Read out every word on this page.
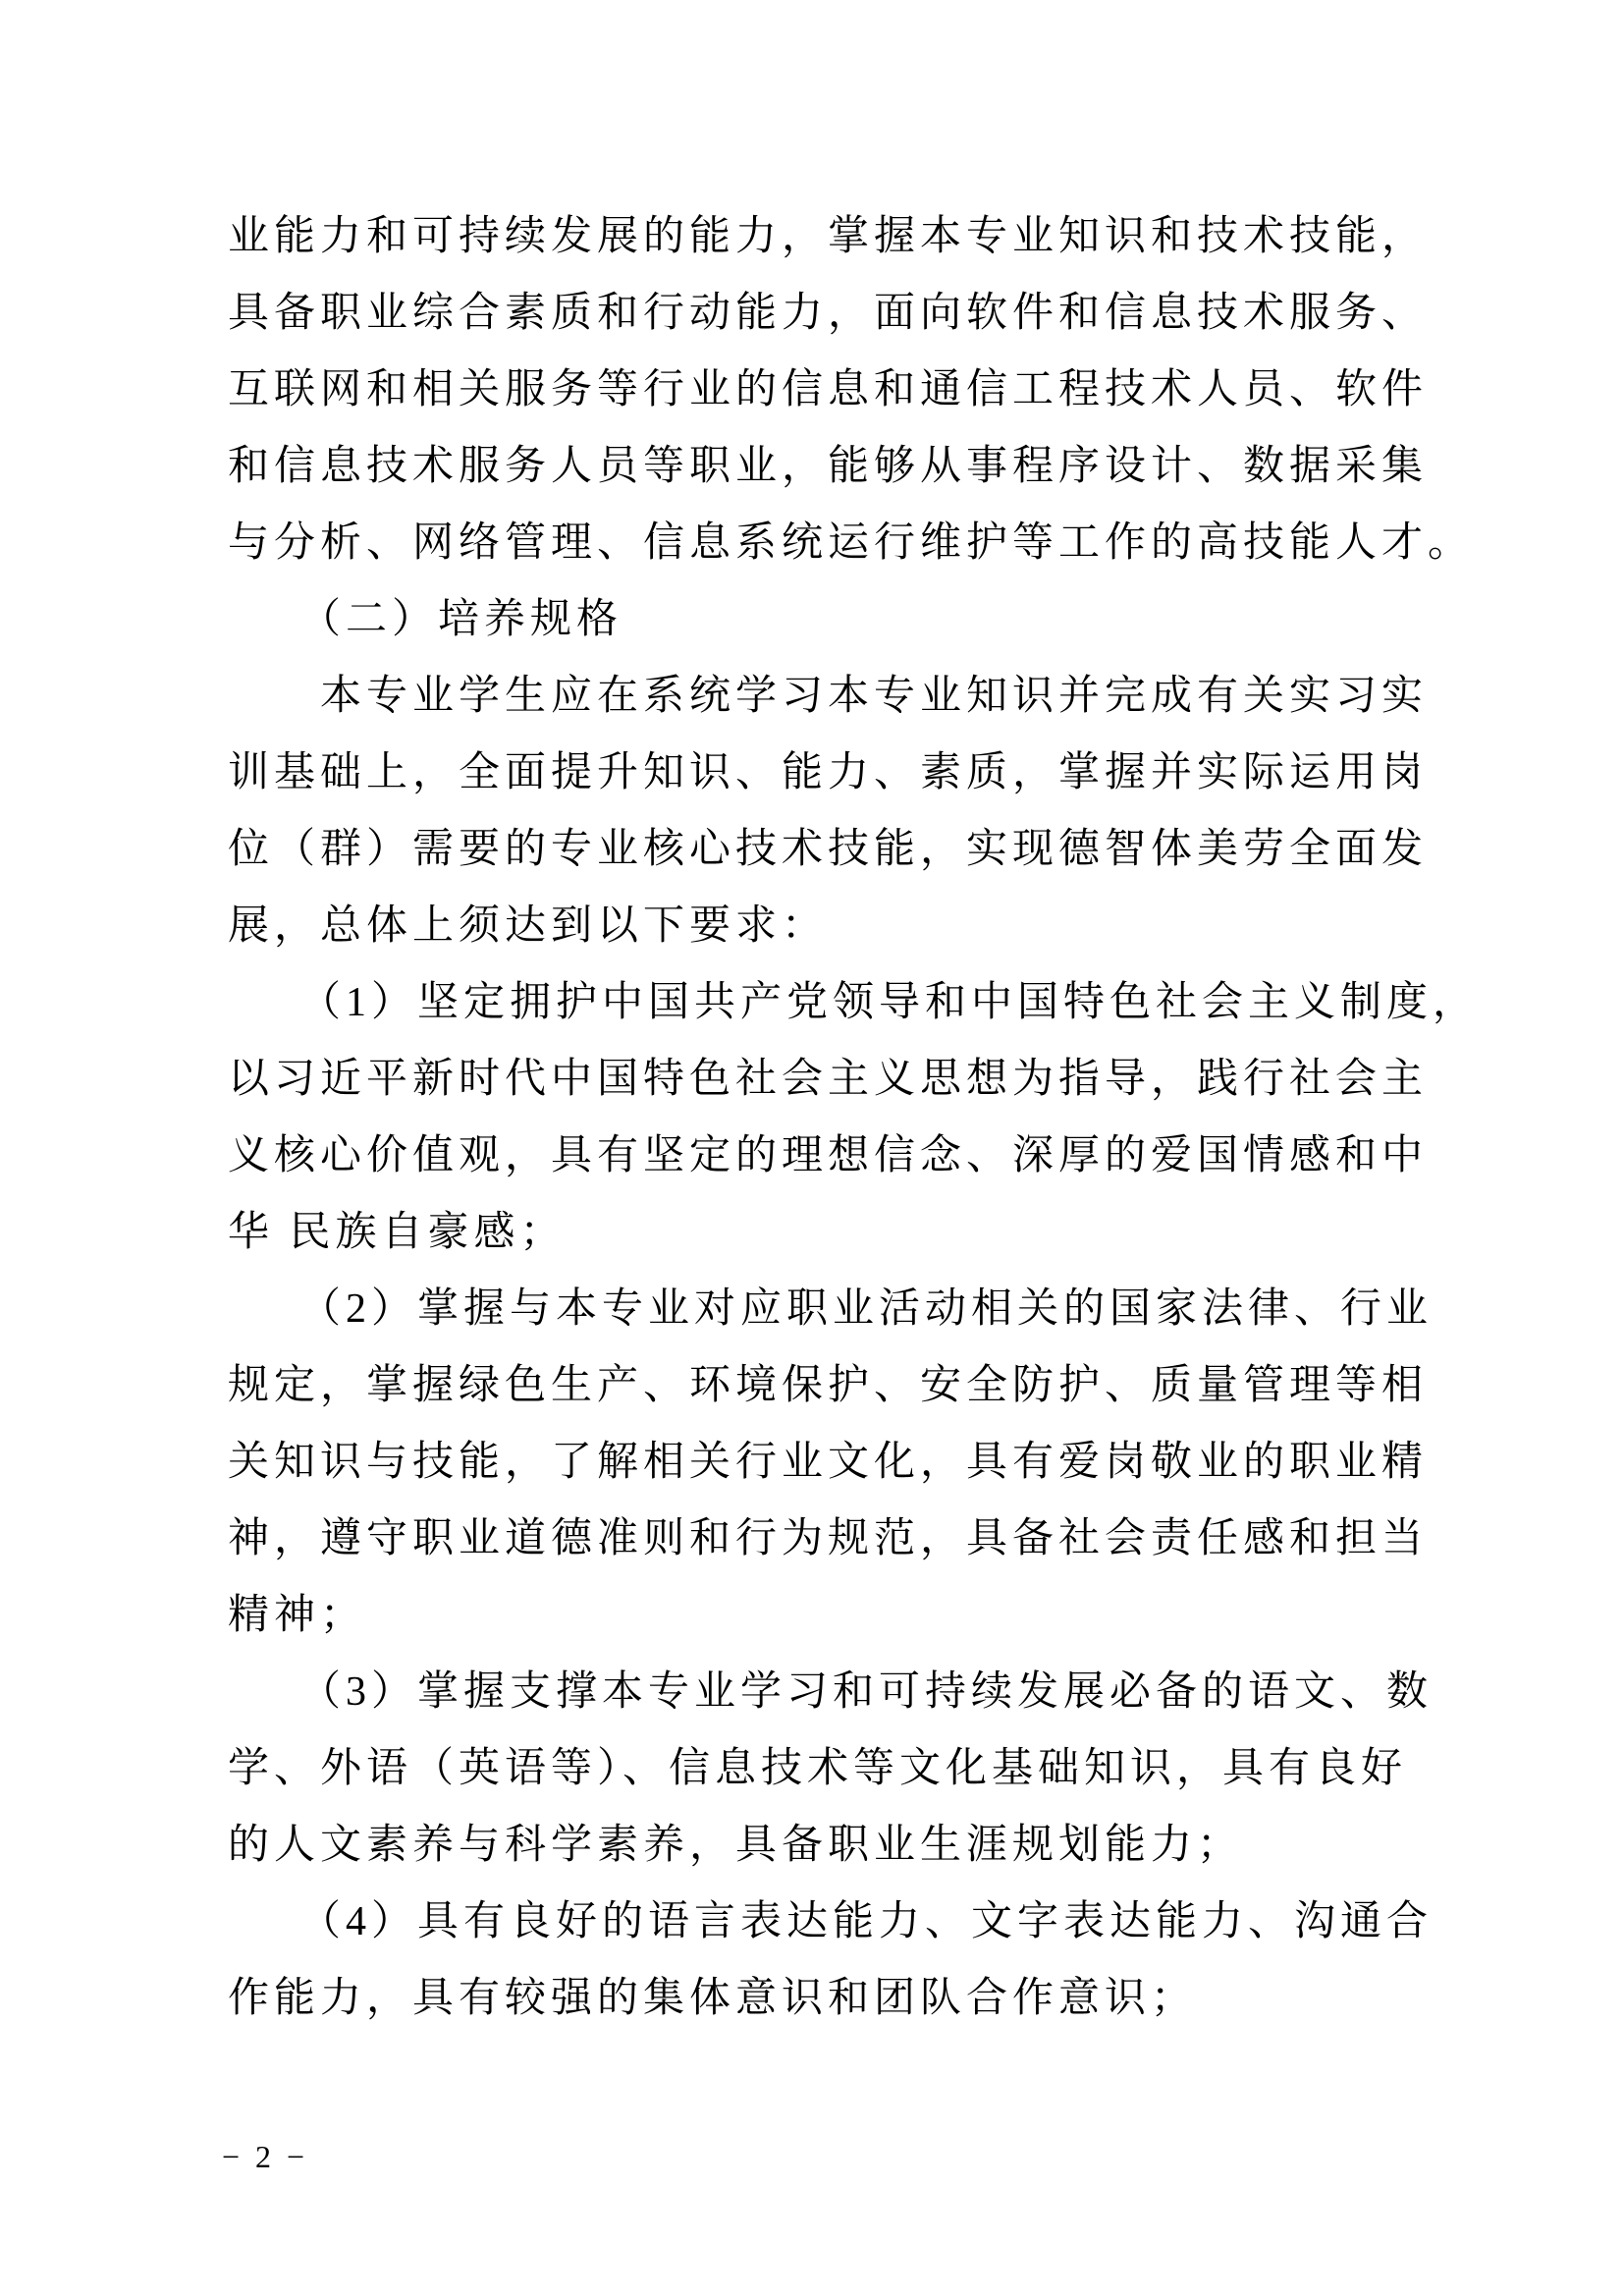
业能力和可持续发展的能力，掌握本专业知识和技术技能，
具备职业综合素质和行动能力，面向软件和信息技术服务、
互联网和相关服务等行业的信息和通信工程技术人员、软件
和信息技术服务人员等职业，能够从事程序设计、数据采集
与分析、网络管理、信息系统运行维护等工作的高技能人才。
　　（二）培养规格
　　本专业学生应在系统学习本专业知识并完成有关实习实
训基础上，全面提升知识、能力、素质，掌握并实际运用岗
位（群）需要的专业核心技术技能，实现德智体美劳全面发
展，总体上须达到以下要求：
　　（1）坚定拥护中国共产党领导和中国特色社会主义制度，
以习近平新时代中国特色社会主义思想为指导，践行社会主
义核心价值观，具有坚定的理想信念、深厚的爱国情感和中
华 民族自豪感；
　　（2）掌握与本专业对应职业活动相关的国家法律、行业
规定，掌握绿色生产、环境保护、安全防护、质量管理等相
关知识与技能，了解相关行业文化，具有爱岗敬业的职业精
神，遵守职业道德准则和行为规范，具备社会责任感和担当
精神；
　　（3）掌握支撑本专业学习和可持续发展必备的语文、数
学、外语（英语等）、信息技术等文化基础知识，具有良好
的人文素养与科学素养，具备职业生涯规划能力；
　　（4）具有良好的语言表达能力、文字表达能力、沟通合
作能力，具有较强的集体意识和团队合作意识；
− 2 −
